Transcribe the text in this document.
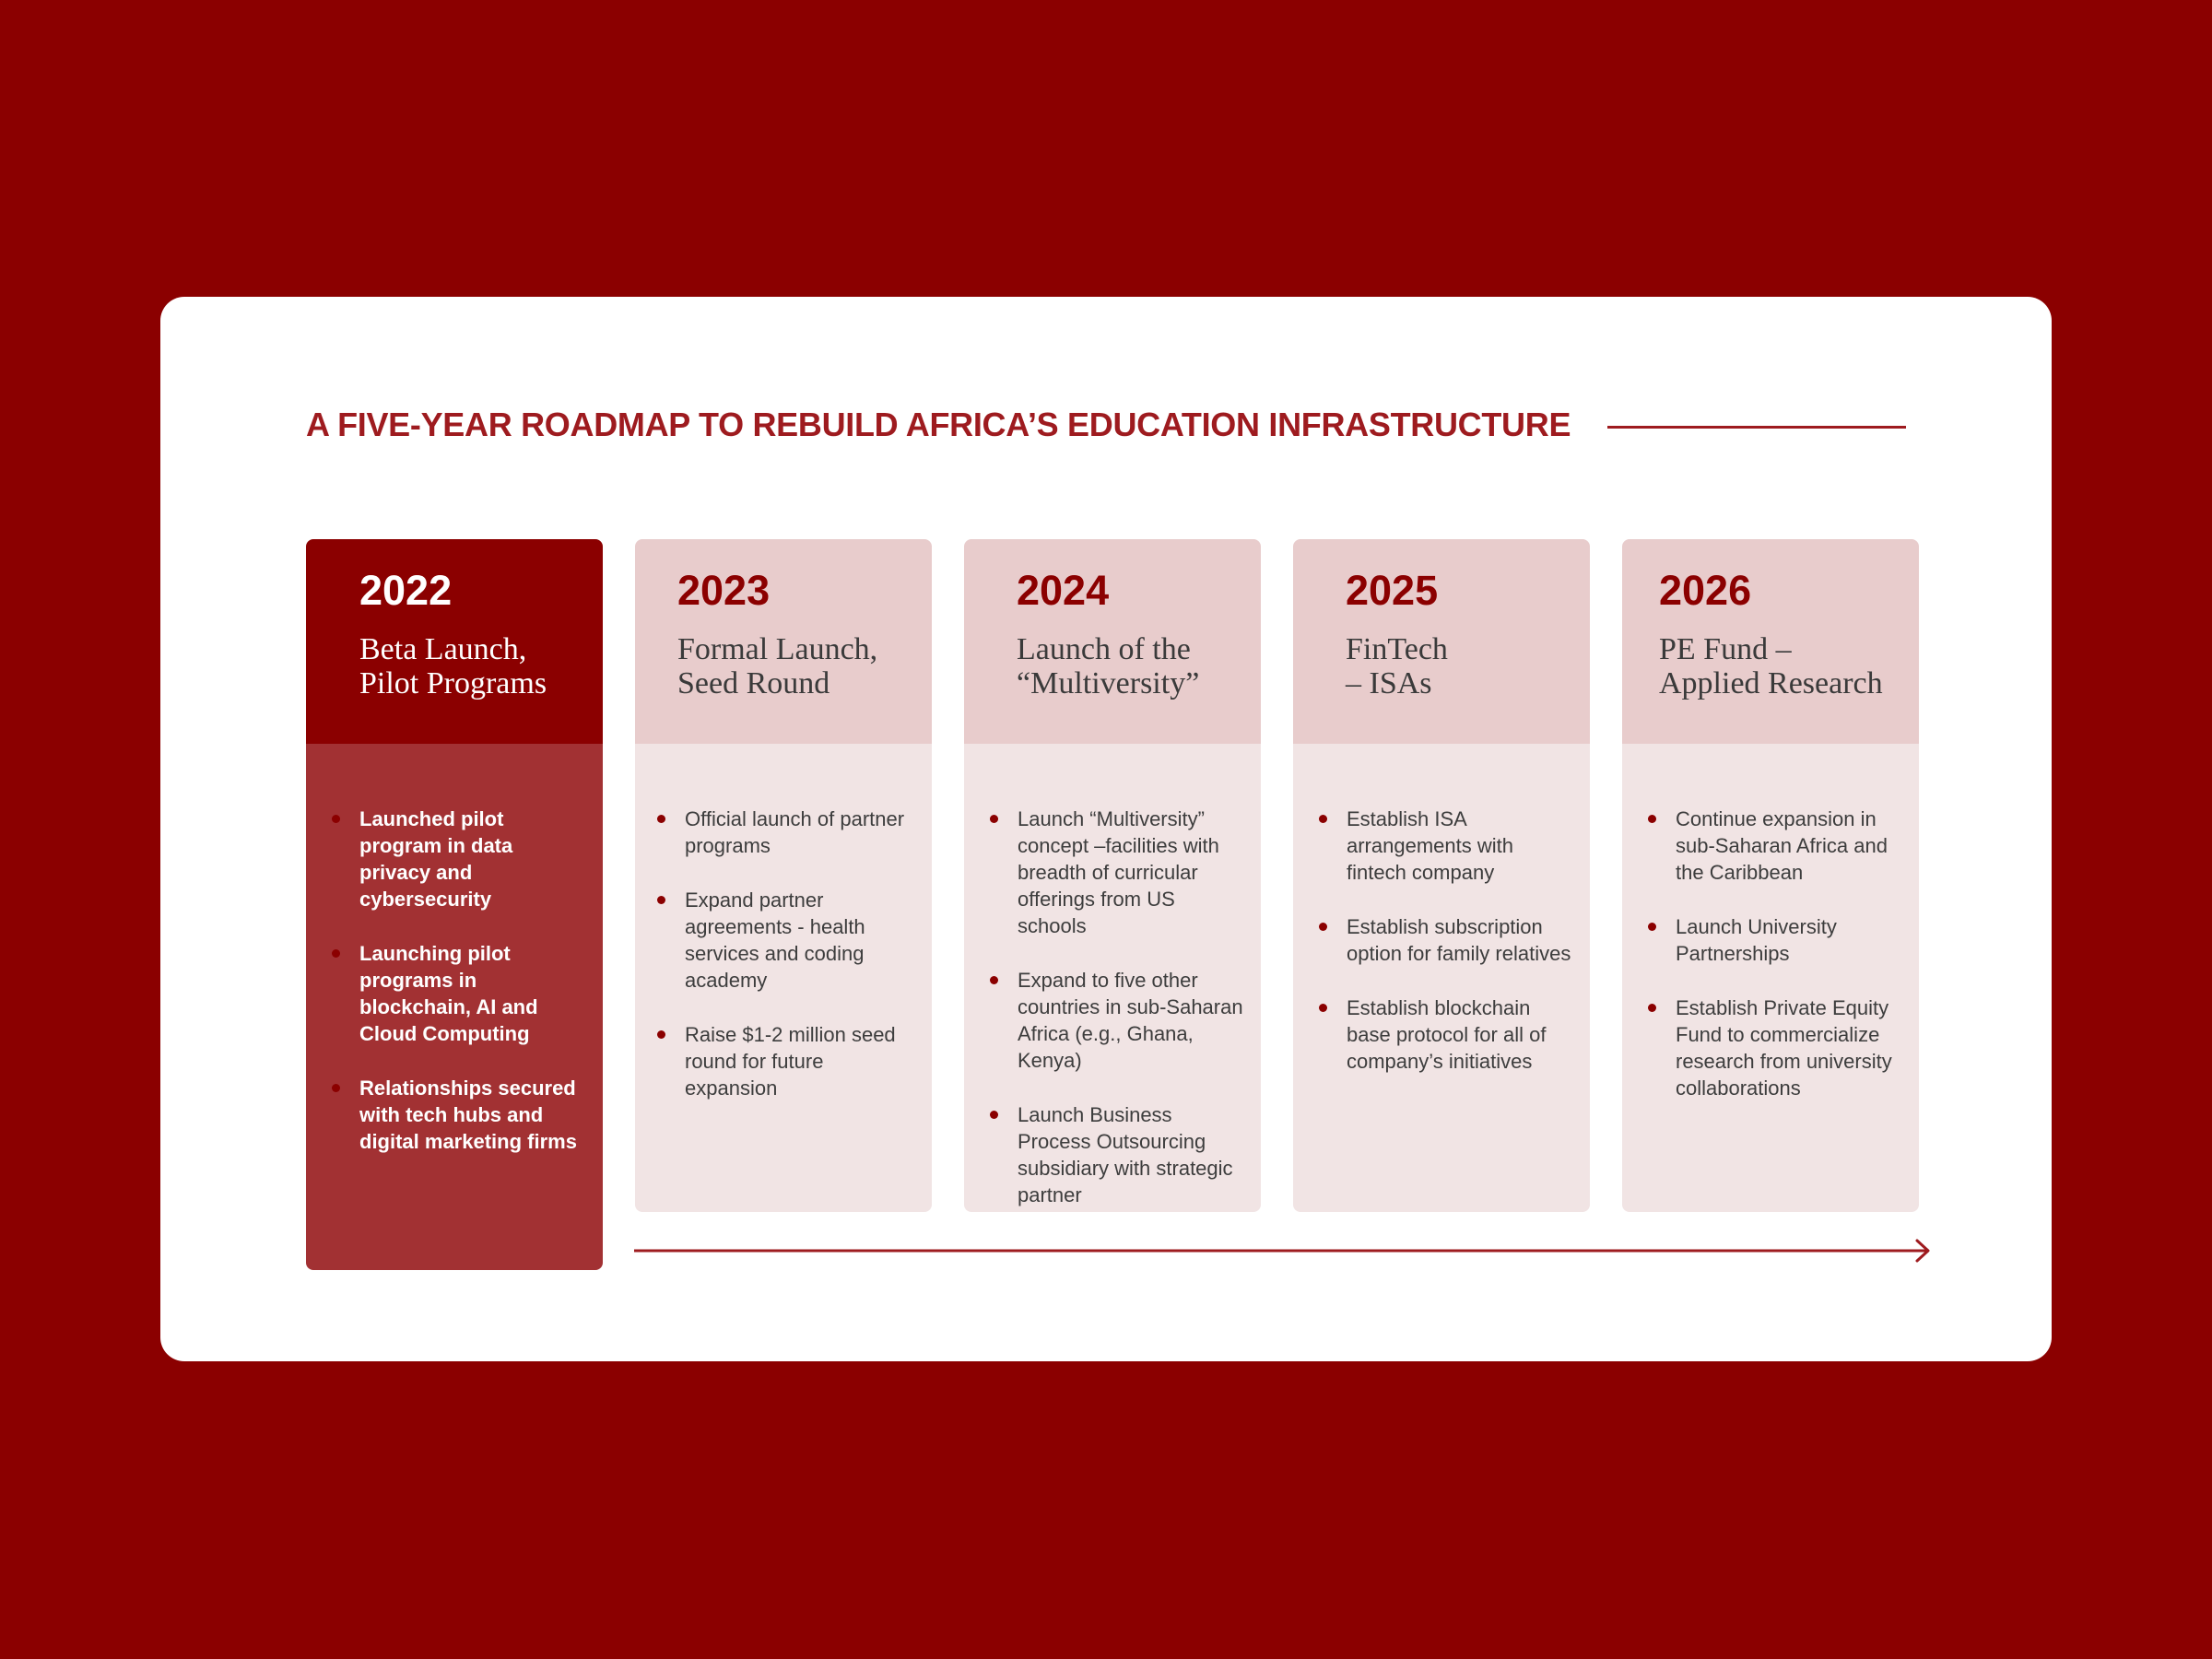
A FIVE-YEAR ROADMAP TO REBUILD AFRICA’S EDUCATION INFRASTRUCTURE
2022
Beta Launch,
Pilot Programs
Launched pilot program in data privacy and cybersecurity
Launching pilot programs in blockchain, AI and Cloud Computing
Relationships secured with tech hubs and digital marketing firms
2023
Formal Launch,
Seed Round
Official launch of partner programs
Expand partner agreements - health services and coding academy
Raise $1-2 million seed round for future expansion
2024
Launch of the
“Multiversity”
Launch “Multiversity” concept –facilities with breadth of curricular offerings from US schools
Expand to five other countries in sub-Saharan Africa (e.g., Ghana, Kenya)
Launch Business Process Outsourcing subsidiary with strategic partner
2025
FinTech
– ISAs
Establish ISA arrangements with fintech company
Establish subscription option for family relatives
Establish blockchain base protocol for all of company’s initiatives
2026
PE Fund –
Applied Research
Continue expansion in sub-Saharan Africa and the Caribbean
Launch University Partnerships
Establish Private Equity Fund to commercialize research from university collaborations
